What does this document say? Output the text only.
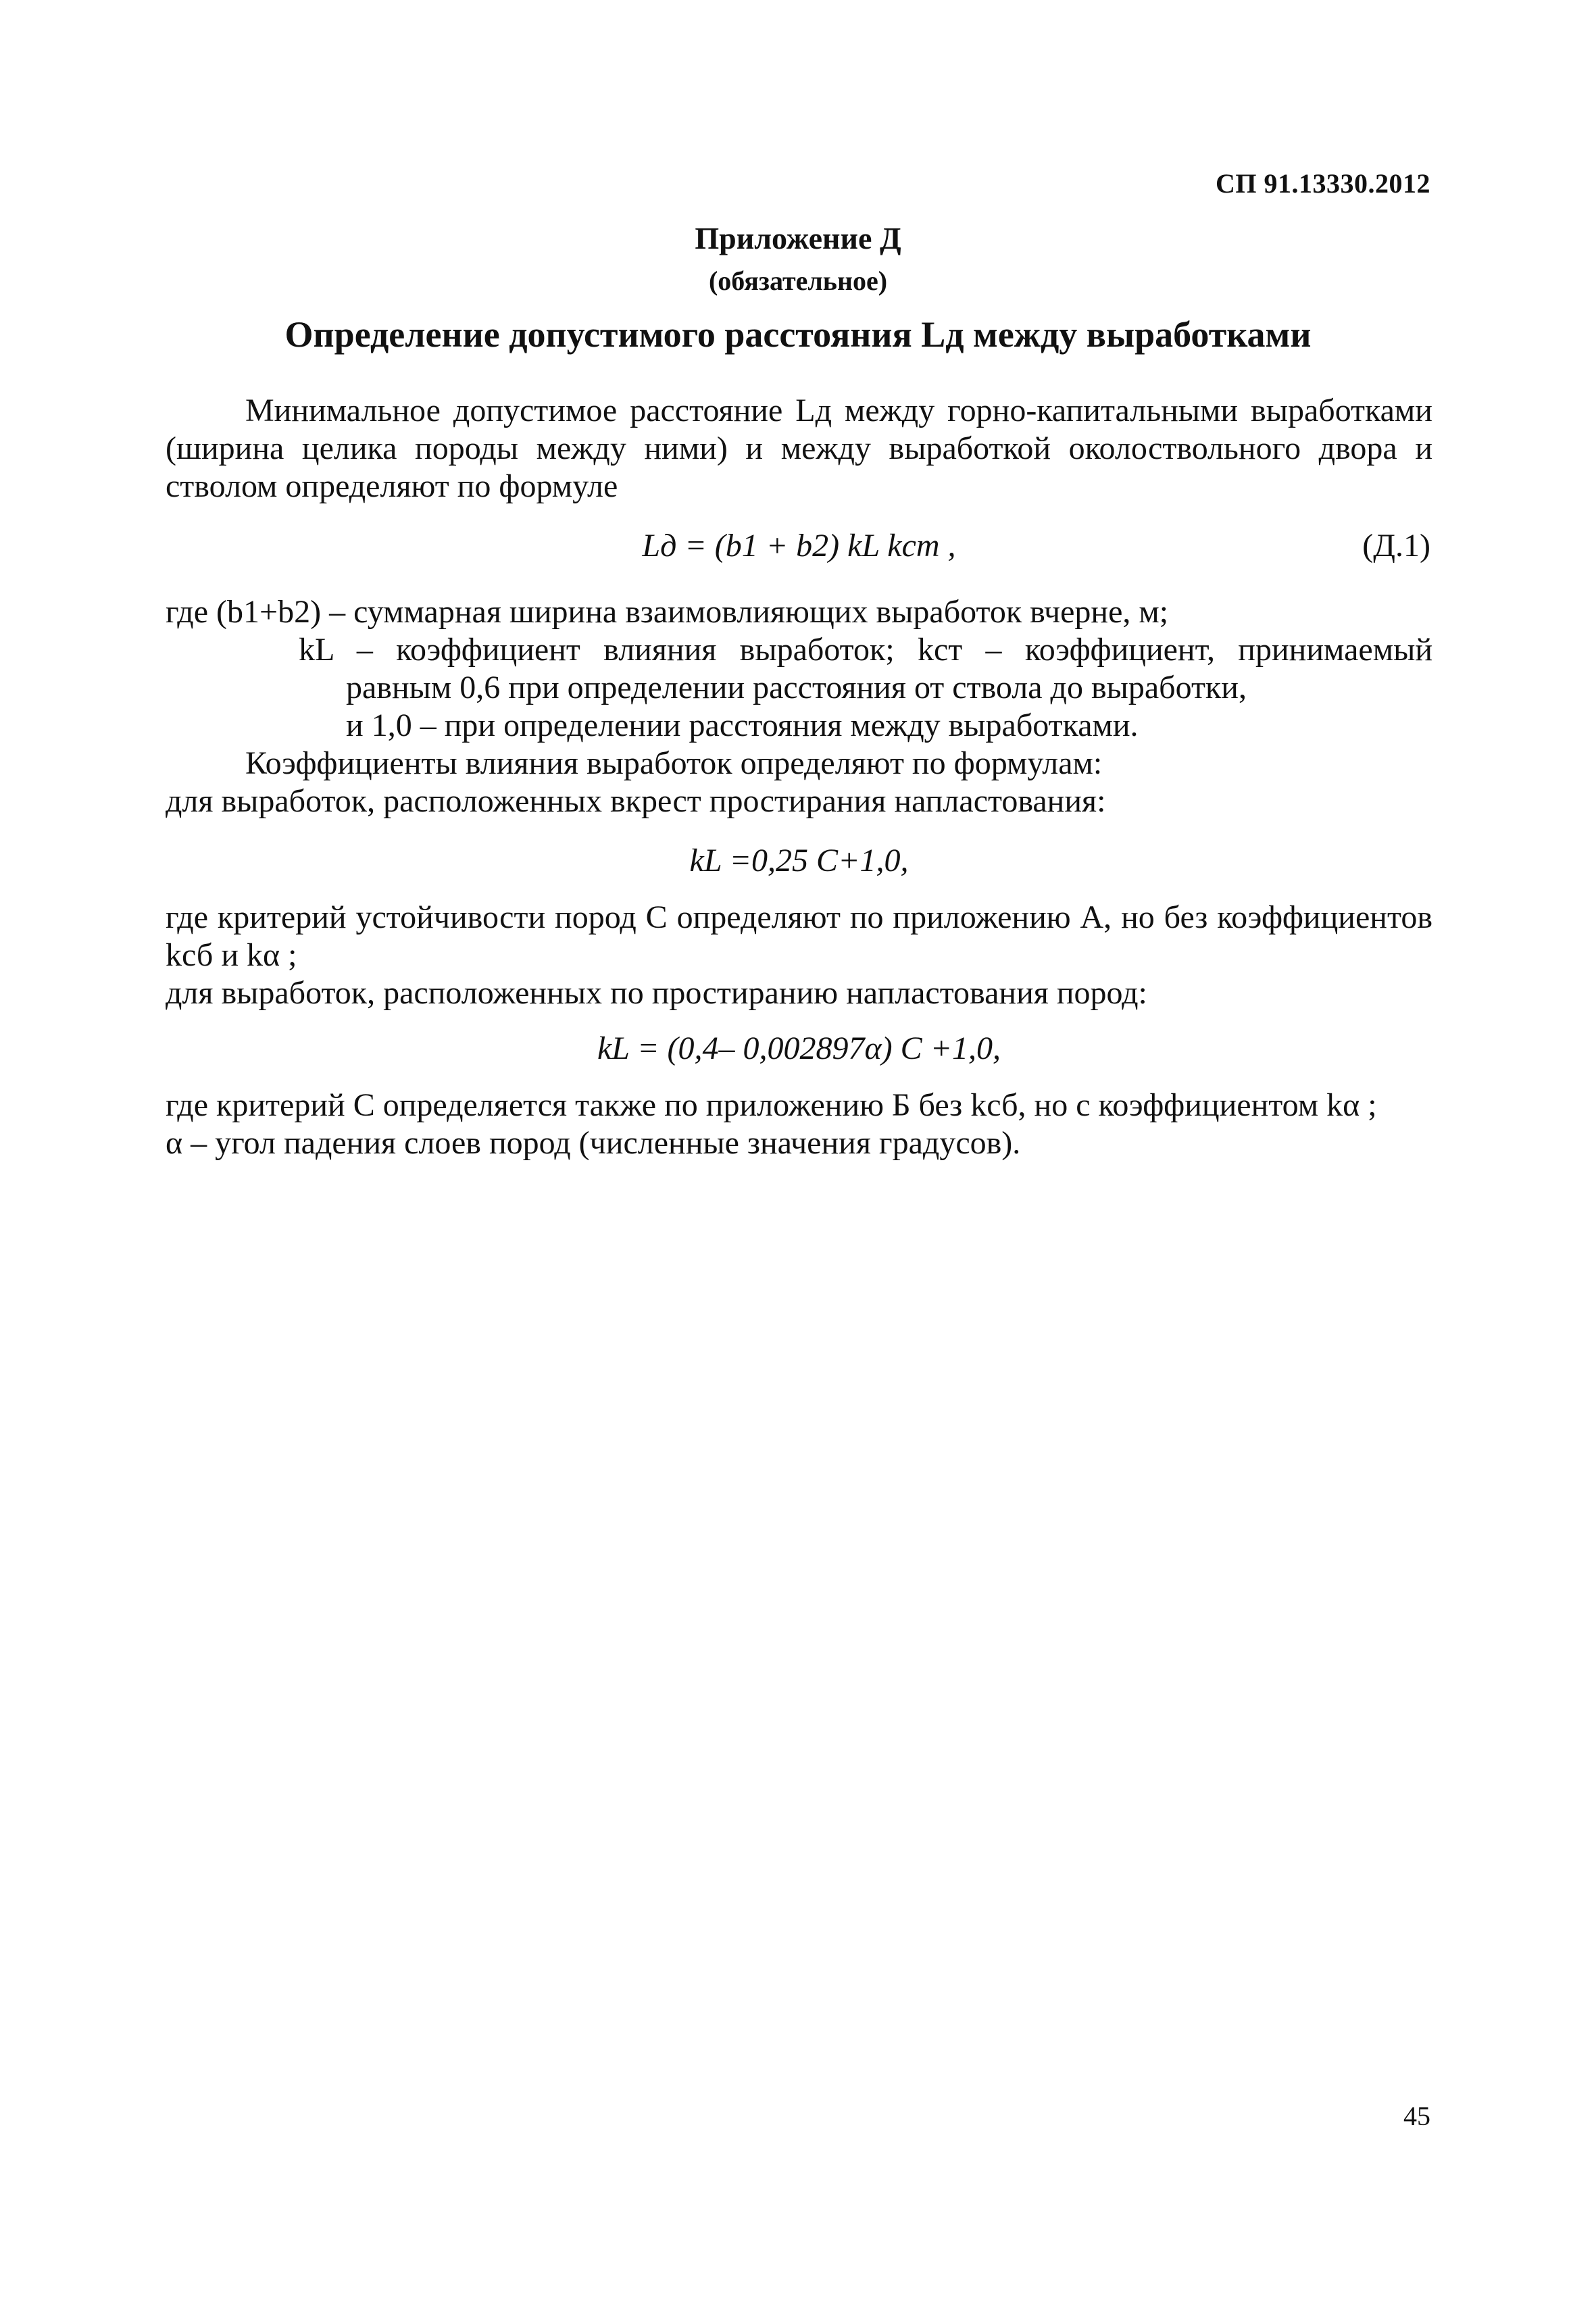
СП 91.13330.2012
Приложение Д
(обязательное)
Определение допустимого расстояния Lд между выработками
Минимальное допустимое расстояние Lд между горно-капитальными выработками (ширина целика породы между ними) и между выработкой околоствольного двора и стволом определяют по формуле
Lд = (b1 + b2) kL kст ,	(Д.1)
где (b1+b2) – суммарная ширина взаимовлияющих выработок вчерне, м;
kL – коэффициент влияния выработок; kст – коэффициент, принимаемый
равным 0,6 при определении расстояния от ствола до выработки,
и 1,0 – при определении расстояния между выработками.
Коэффициенты влияния выработок определяют по формулам:
для выработок, расположенных вкрест простирания напластования:
kL =0,25 C+1,0,
где критерий устойчивости пород C определяют по приложению А, но без коэффициентов kсб и kα ;
для выработок, расположенных по простиранию напластования пород:
kL = (0,4– 0,002897α) C +1,0,
где критерий C определяется также по приложению Б без kсб, но с коэффициентом kα ;
α – угол падения слоев пород (численные значения градусов).
45
